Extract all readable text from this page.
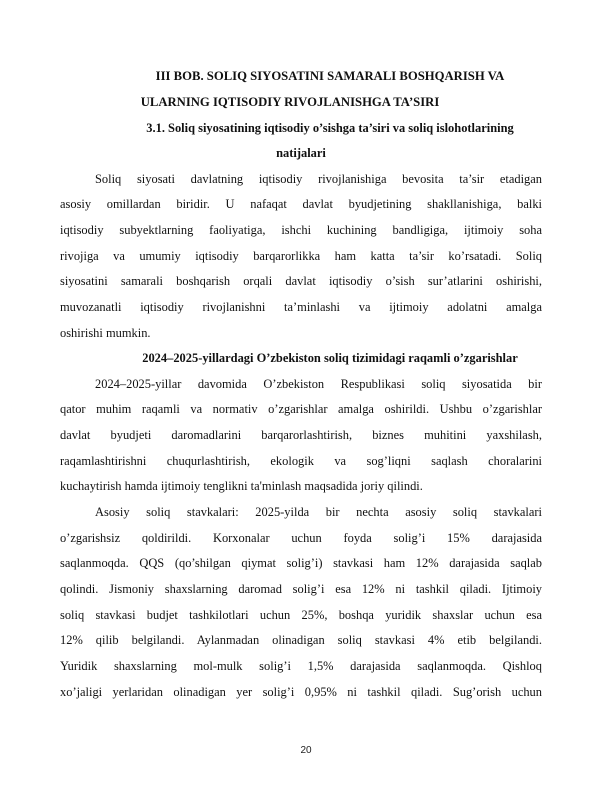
III BOB. SOLIQ SIYOSATINI SAMARALI BOSHQARISH VA
ULARNING IQTISODIY RIVOJLANISHGA TA’SIRI
3.1. Soliq siyosatining iqtisodiy o’sishga ta’siri va soliq islohotlarining
natijalari
Soliq siyosati davlatning iqtisodiy rivojlanishiga bevosita ta’sir etadigan
asosiy omillardan biridir. U nafaqat davlat byudjetining shakllanishiga, balki
iqtisodiy subyektlarning faoliyatiga, ishchi kuchining bandligiga, ijtimoiy soha
rivojiga va umumiy iqtisodiy barqarorlikka ham katta ta’sir ko’rsatadi. Soliq
siyosatini samarali boshqarish orqali davlat iqtisodiy o’sish sur’atlarini oshirishi,
muvozanatli iqtisodiy rivojlanishni ta’minlashi va ijtimoiy adolatni amalga
oshirishi mumkin.
2024–2025-yillardagi O’zbekiston soliq tizimidagi raqamli o’zgarishlar
2024–2025-yillar davomida O’zbekiston Respublikasi soliq siyosatida bir
qator muhim raqamli va normativ o’zgarishlar amalga oshirildi. Ushbu o’zgarishlar
davlat byudjeti daromadlarini barqarorlashtirish, biznes muhitini yaxshilash,
raqamlashtirishni chuqurlashtirish, ekologik va sog’liqni saqlash choralarini
kuchaytirish hamda ijtimoiy tenglikni ta'minlash maqsadida joriy qilindi.
Asosiy soliq stavkalari: 2025-yilda bir nechta asosiy soliq stavkalari
o’zgarishsiz qoldirildi. Korxonalar uchun foyda solig’i 15% darajasida
saqlanmoqda. QQS (qo’shilgan qiymat solig’i) stavkasi ham 12% darajasida saqlab
qolindi. Jismoniy shaxslarning daromad solig’i esa 12% ni tashkil qiladi. Ijtimoiy
soliq stavkasi budjet tashkilotlari uchun 25%, boshqa yuridik shaxslar uchun esa
12% qilib belgilandi. Aylanmadan olinadigan soliq stavkasi 4% etib belgilandi.
Yuridik shaxslarning mol-mulk solig’i 1,5% darajasida saqlanmoqda. Qishloq
xo’jaligi yerlaridan olinadigan yer solig’i 0,95% ni tashkil qiladi. Sug’orish uchun
20
